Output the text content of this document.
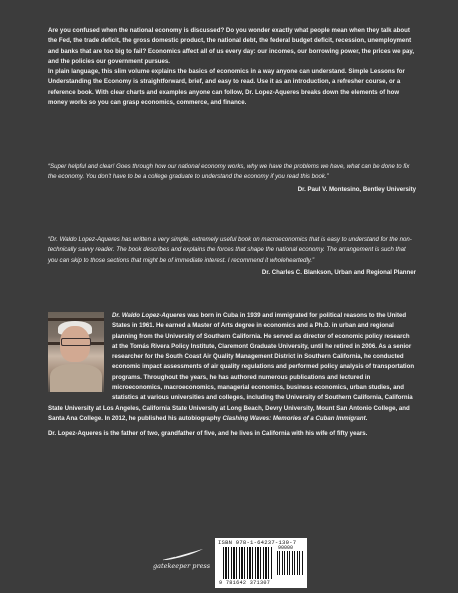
Are you confused when the national economy is discussed? Do you wonder exactly what people mean when they talk about the Fed, the trade deficit, the gross domestic product, the national debt, the federal budget deficit, recession, unemployment and banks that are too big to fail? Economics affect all of us every day: our incomes, our borrowing power, the prices we pay, and the policies our government pursues.

In plain language, this slim volume explains the basics of economics in a way anyone can understand. Simple Lessons for Understanding the Economy is straightforward, brief, and easy to read. Use it as an introduction, a refresher course, or a reference book. With clear charts and examples anyone can follow, Dr. Lopez-Aqueres breaks down the elements of how money works so you can grasp economics, commerce, and finance.

“Super helpful and clear! Goes through how our national economy works, why we have the problems we have, what can be done to fix the economy. You don’t have to be a college graduate to understand the economy if you read this book.”
Dr. Paul V. Montesino, Bentley University
“Dr. Waldo Lopez-Aqueres has written a very simple, extremely useful book on macroeconomics that is easy to understand for the non-technically savvy reader. The book describes and explains the forces that shape the national economy. The arrangement is such that you can skip to those sections that might be of immediate interest. I recommend it wholeheartedly.”
Dr. Charles C. Blankson, Urban and Regional Planner

Dr. Waldo Lopez-Aqueres was born in Cuba in 1939 and immigrated for political reasons to the United States in 1961. He earned a Master of Arts degree in economics and a Ph.D. in urban and regional planning from the University of Southern California. He served as director of economic policy research at the Tomás Rivera Policy Institute, Claremont Graduate University, until he retired in 2006. As a senior researcher for the South Coast Air Quality Management District in Southern California, he conducted economic impact assessments of air quality regulations and performed policy analysis of transportation programs. Throughout the years, he has authored numerous publications and lectured in microeconomics, macroeconomics, managerial economics, business economics, urban studies, and statistics at various universities and colleges, including the University of Southern California, California State University at Los Angeles, California State University at Long Beach, Devry University, Mount San Antonio College, and Santa Ana College. In 2012, he published his autobiography Clashing Waves: Memories of a Cuban Immigrant.

Dr. Lopez-Aqueres is the father of two, grandfather of five, and he lives in California with his wife of fifty years.

gatekeeper press
ISBN 978-1-64237-130-7
90000
9 781642 371307
